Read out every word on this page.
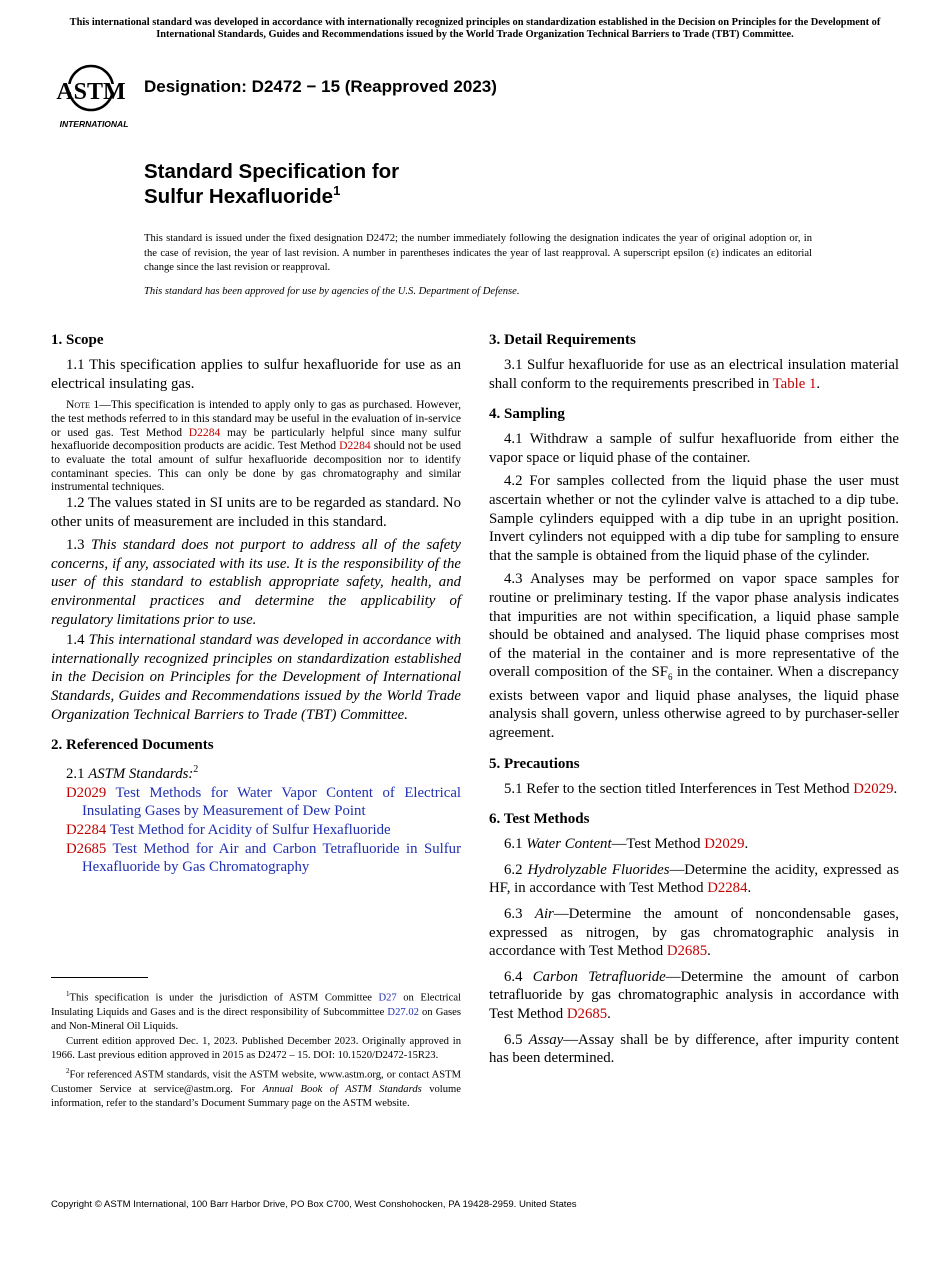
This international standard was developed in accordance with internationally recognized principles on standardization established in the Decision on Principles for the Development of International Standards, Guides and Recommendations issued by the World Trade Organization Technical Barriers to Trade (TBT) Committee.
ASTM
INTERNATIONAL
Designation: D2472 − 15 (Reapproved 2023)
Standard Specification for
Sulfur Hexafluoride$^1$
This standard is issued under the fixed designation D2472; the number immediately following the designation indicates the year of original adoption or, in the case of revision, the year of last revision. A number in parentheses indicates the year of last reapproval. A superscript epsilon (ε) indicates an editorial change since the last revision or reapproval.
This standard has been approved for use by agencies of the U.S. Department of Defense.
1. Scope

1.1 This specification applies to sulfur hexafluoride for use as an electrical insulating gas.

Note 1—This specification is intended to apply only to gas as purchased. However, the test methods referred to in this standard may be useful in the evaluation of in-service or used gas. Test Method D2284 may be particularly helpful since many sulfur hexafluoride decomposition products are acidic. Test Method D2284 should not be used to evaluate the total amount of sulfur hexafluoride decomposition nor to identify contaminant species. This can only be done by gas chromatography and similar instrumental techniques.

1.2 The values stated in SI units are to be regarded as standard. No other units of measurement are included in this standard.

1.3 This standard does not purport to address all of the safety concerns, if any, associated with its use. It is the responsibility of the user of this standard to establish appropriate safety, health, and environmental practices and determine the applicability of regulatory limitations prior to use.

1.4 This international standard was developed in accordance with internationally recognized principles on standardization established in the Decision on Principles for the Development of International Standards, Guides and Recommendations issued by the World Trade Organization Technical Barriers to Trade (TBT) Committee.

2. Referenced Documents

2.1 ASTM Standards:$^2$

D2029 Test Methods for Water Vapor Content of Electrical Insulating Gases by Measurement of Dew Point
D2284 Test Method for Acidity of Sulfur Hexafluoride
D2685 Test Method for Air and Carbon Tetrafluoride in Sulfur Hexafluoride by Gas Chromatography

$^1$This specification is under the jurisdiction of ASTM Committee D27 on Electrical Insulating Liquids and Gases and is the direct responsibility of Subcommittee D27.02 on Gases and Non-Mineral Oil Liquids.

Current edition approved Dec. 1, 2023. Published December 2023. Originally approved in 1966. Last previous edition approved in 2015 as D2472 – 15. DOI: 10.1520/D2472-15R23.

$^2$For referenced ASTM standards, visit the ASTM website, www.astm.org, or contact ASTM Customer Service at service@astm.org. For Annual Book of ASTM Standards volume information, refer to the standard’s Document Summary page on the ASTM website.

3. Detail Requirements

3.1 Sulfur hexafluoride for use as an electrical insulation material shall conform to the requirements prescribed in Table 1.

4. Sampling

4.1 Withdraw a sample of sulfur hexafluoride from either the vapor space or liquid phase of the container.

4.2 For samples collected from the liquid phase the user must ascertain whether or not the cylinder valve is attached to a dip tube. Sample cylinders equipped with a dip tube in an upright position. Invert cylinders not equipped with a dip tube for sampling to ensure that the sample is obtained from the liquid phase of the cylinder.

4.3 Analyses may be performed on vapor space samples for routine or preliminary testing. If the vapor phase analysis indicates that impurities are not within specification, a liquid phase sample should be obtained and analysed. The liquid phase comprises most of the material in the container and is more representative of the overall composition of the $SF_6$ in the container. When a discrepancy exists between vapor and liquid phase analyses, the liquid phase analysis shall govern, unless otherwise agreed to by purchaser-seller agreement.

5. Precautions

5.1 Refer to the section titled Interferences in Test Method D2029.

6. Test Methods

6.1 Water Content—Test Method D2029.

6.2 Hydrolyzable Fluorides—Determine the acidity, expressed as HF, in accordance with Test Method D2284.

6.3 Air—Determine the amount of noncondensable gases, expressed as nitrogen, by gas chromatographic analysis in accordance with Test Method D2685.

6.4 Carbon Tetrafluoride—Determine the amount of carbon tetrafluoride by gas chromatographic analysis in accordance with Test Method D2685.

6.5 Assay—Assay shall be by difference, after impurity content has been determined.

Copyright © ASTM International, 100 Barr Harbor Drive, PO Box C700, West Conshohocken, PA 19428-2959. United States
